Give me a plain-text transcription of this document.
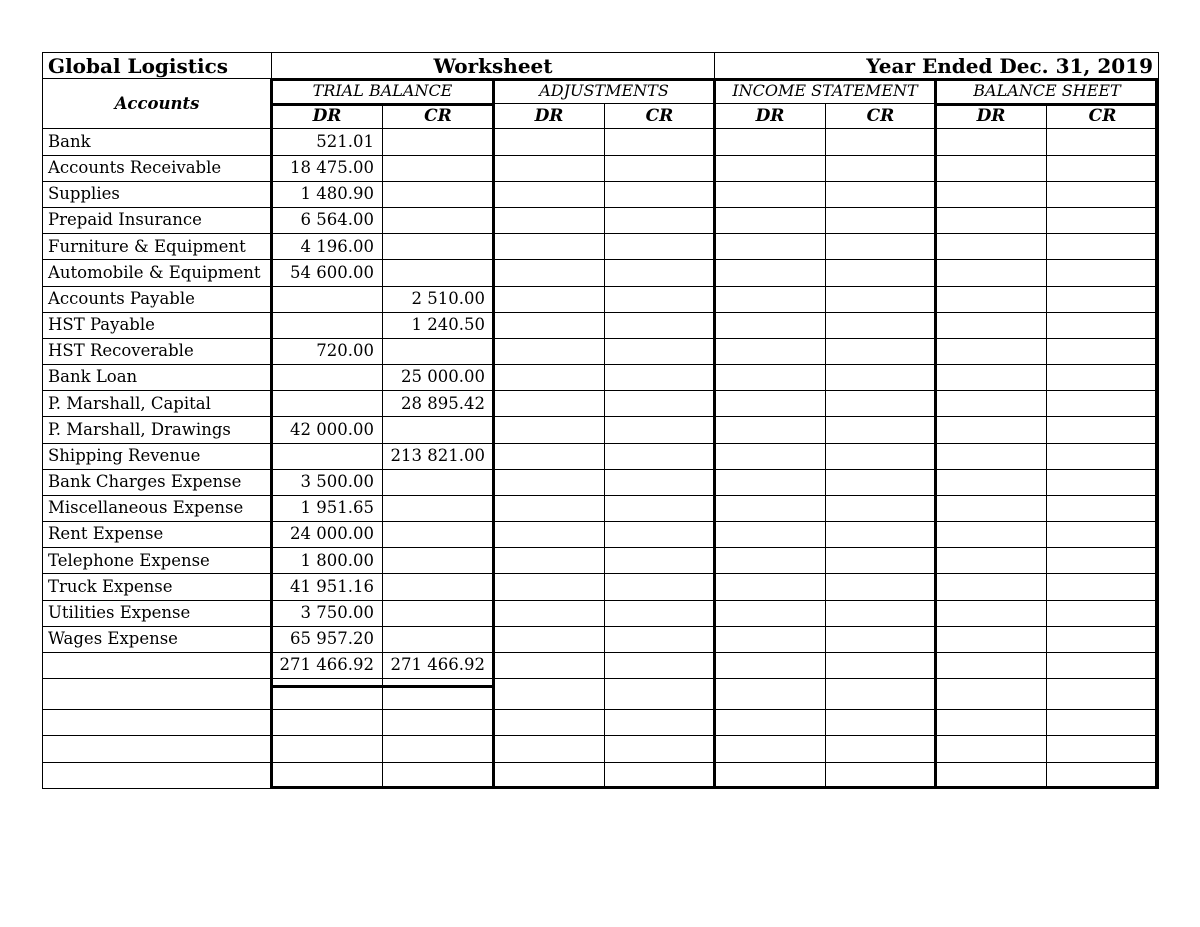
Global Logistics	Worksheet				Year Ended Dec. 31, 2019			
Accounts	TRIAL BALANCE		ADJUSTMENTS		INCOME STATEMENT		BALANCE SHEET	
	DR	CR	DR	CR	DR	CR	DR	CR
Bank	521.01							
Accounts Receivable	18 475.00							
Supplies	1 480.90							
Prepaid Insurance	6 564.00							
Furniture & Equipment	4 196.00							
Automobile & Equipment	54 600.00							
Accounts Payable		2 510.00						
HST Payable		1 240.50						
HST Recoverable	720.00							
Bank Loan		25 000.00						
P. Marshall, Capital		28 895.42						
P. Marshall, Drawings	42 000.00							
Shipping Revenue		213 821.00						
Bank Charges Expense	3 500.00							
Miscellaneous Expense	1 951.65							
Rent Expense	24 000.00							
Telephone Expense	1 800.00							
Truck Expense	41 951.16							
Utilities Expense	3 750.00							
Wages Expense	65 957.20							
	271 466.92	271 466.92						
